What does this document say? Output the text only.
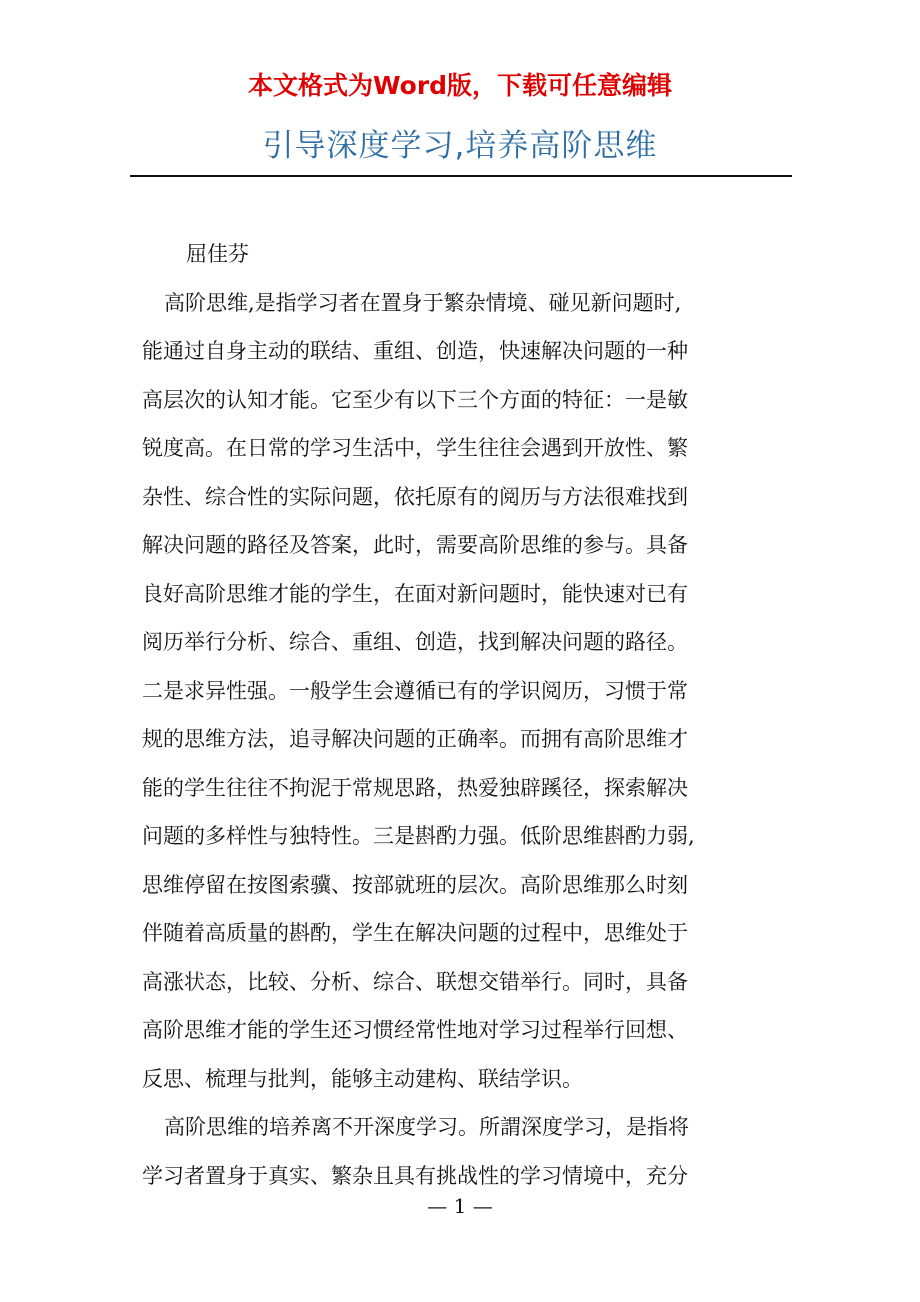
本文格式为Word版，下载可任意编辑
引导深度学习,培养高阶思维
屈佳芬
高阶思维,是指学习者在置身于繁杂情境、碰见新问题时,
能通过自身主动的联结、重组、创造，快速解决问题的一种
高层次的认知才能。它至少有以下三个方面的特征：一是敏
锐度高。在日常的学习生活中，学生往往会遇到开放性、繁
杂性、综合性的实际问题，依托原有的阅历与方法很难找到
解决问题的路径及答案，此时，需要高阶思维的参与。具备
良好高阶思维才能的学生，在面对新问题时，能快速对已有
阅历举行分析、综合、重组、创造，找到解决问题的路径。
二是求异性强。一般学生会遵循已有的学识阅历，习惯于常
规的思维方法，追寻解决问题的正确率。而拥有高阶思维才
能的学生往往不拘泥于常规思路，热爱独辟蹊径，探索解决
问题的多样性与独特性。三是斟酌力强。低阶思维斟酌力弱,
思维停留在按图索骥、按部就班的层次。高阶思维那么时刻
伴随着高质量的斟酌，学生在解决问题的过程中，思维处于
高涨状态，比较、分析、综合、联想交错举行。同时，具备
高阶思维才能的学生还习惯经常性地对学习过程举行回想、
反思、梳理与批判，能够主动建构、联结学识。
高阶思维的培养离不开深度学习。所謂深度学习，是指将
学习者置身于真实、繁杂且具有挑战性的学习情境中，充分
— 1 —
